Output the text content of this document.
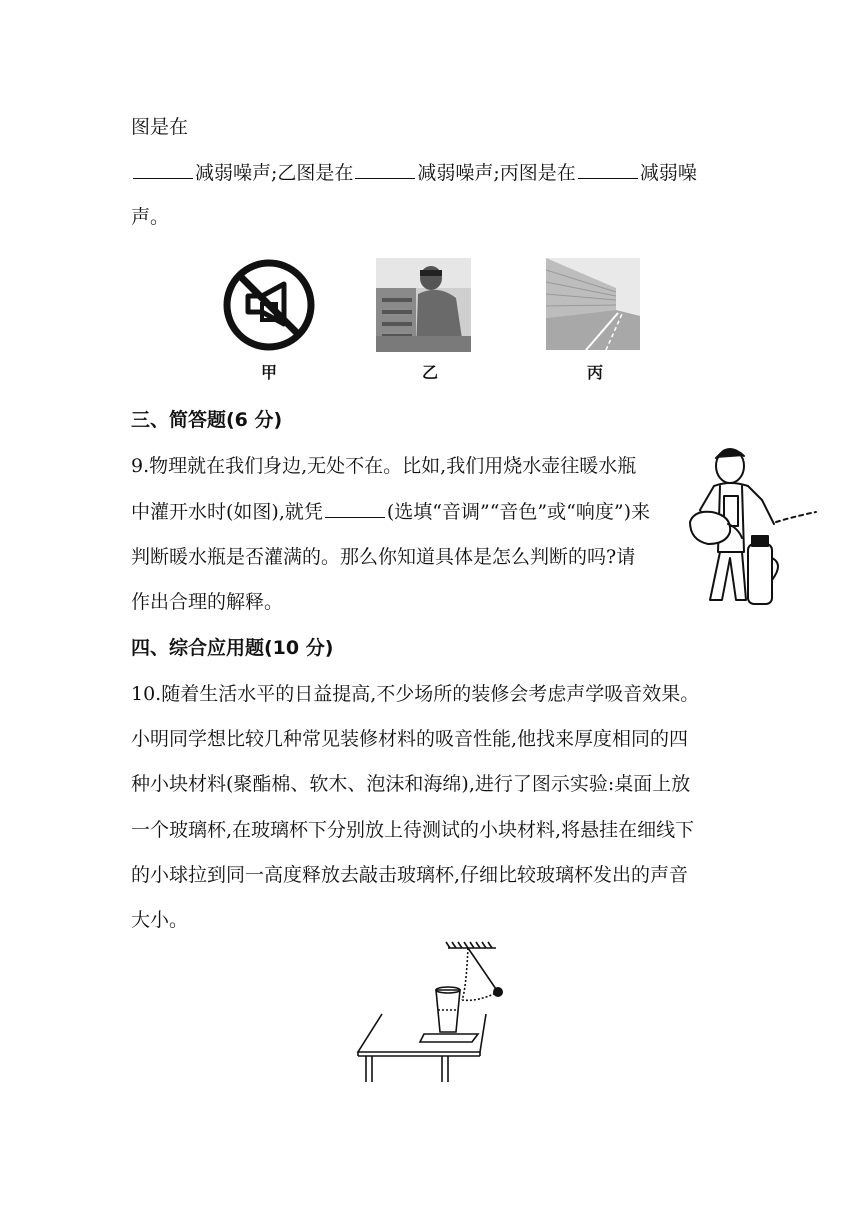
图是在
减弱噪声;乙图是在	减弱噪声;丙图是在	减弱噪
声。
甲	乙	丙
三、简答题(6 分)
9.物理就在我们身边,无处不在。比如,我们用烧水壶往暖水瓶
中灌开水时(如图),就凭	(选填“音调”“音色”或“响度”)来
判断暖水瓶是否灌满的。那么你知道具体是怎么判断的吗?请
作出合理的解释。
四、综合应用题(10 分)
10.随着生活水平的日益提高,不少场所的装修会考虑声学吸音效果。
小明同学想比较几种常见装修材料的吸音性能,他找来厚度相同的四
种小块材料(聚酯棉、软木、泡沫和海绵),进行了图示实验:桌面上放
一个玻璃杯,在玻璃杯下分别放上待测试的小块材料,将悬挂在细线下
的小球拉到同一高度释放去敲击玻璃杯,仔细比较玻璃杯发出的声音
大小。
